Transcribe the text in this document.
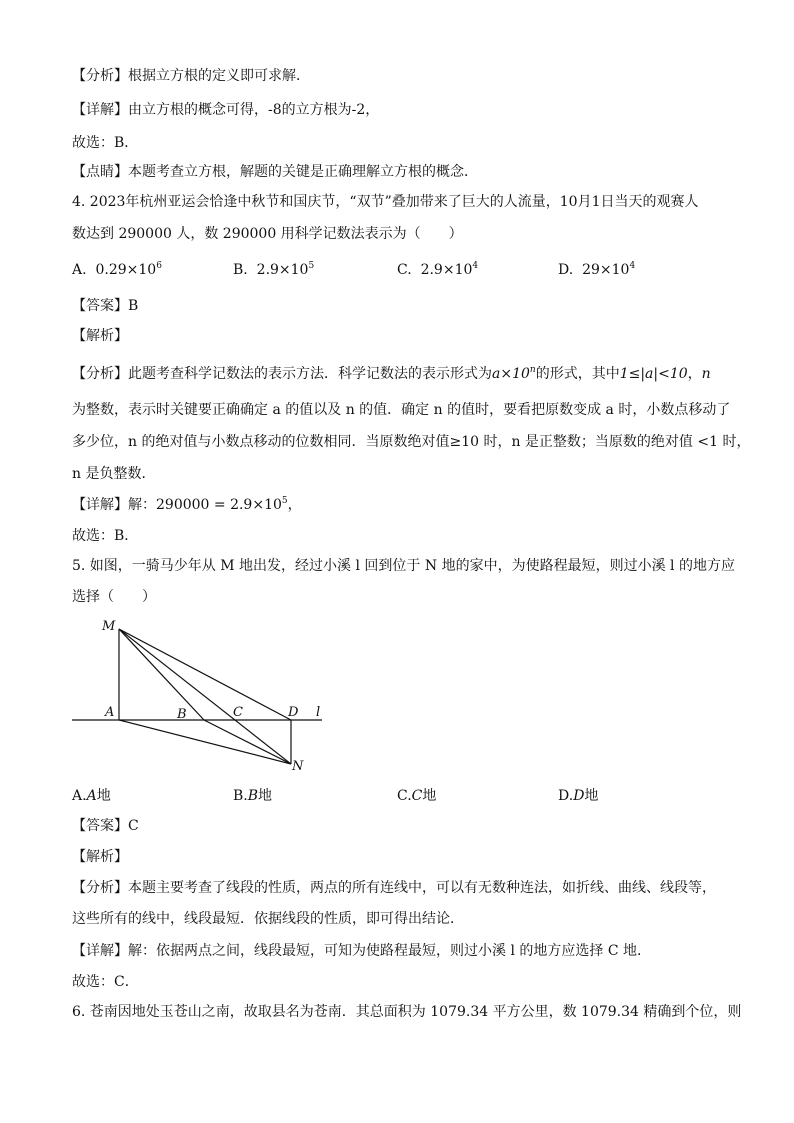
【分析】根据立方根的定义即可求解．
【详解】由立方根的概念可得，-8的立方根为-2，
故选：B．
【点睛】本题考查立方根，解题的关键是正确理解立方根的概念．
4. 2023年杭州亚运会恰逢中秋节和国庆节，“双节”叠加带来了巨大的人流量，10月1日当天的观赛人
数达到 290000 人，数 290000 用科学记数法表示为（　　）
A. $0.29\times 10^6$	B. $2.9\times 10^5$	C. $2.9\times 10^4$	D. $29\times 10^4$
【答案】B
【解析】
【分析】此题考查科学记数法的表示方法．科学记数法的表示形式为$a\times 10^n$的形式，其中1≤|a|<10，n
为整数，表示时关键要正确确定 a 的值以及 n 的值．确定 n 的值时，要看把原数变成 a 时，小数点移动了
多少位，n 的绝对值与小数点移动的位数相同．当原数绝对值≥10 时，n 是正整数；当原数的绝对值 <1 时，
n 是负整数．
【详解】解：$290000 = 2.9\times 10^5$，
故选：B．
5. 如图，一骑马少年从 M 地出发，经过小溪 l 回到位于 N 地的家中，为使路程最短，则过小溪 l 的地方应
选择（　　）
M
A	B	C	D l
N
A.A地	B.B地	C.C地	D.D地
【答案】C
【解析】
【分析】本题主要考查了线段的性质，两点的所有连线中，可以有无数种连法，如折线、曲线、线段等，
这些所有的线中，线段最短．依据线段的性质，即可得出结论．
【详解】解：依据两点之间，线段最短，可知为使路程最短，则过小溪 l 的地方应选择 C 地．
故选：C．
6. 苍南因地处玉苍山之南，故取县名为苍南．其总面积为 1079.34 平方公里，数 1079.34 精确到个位，则
